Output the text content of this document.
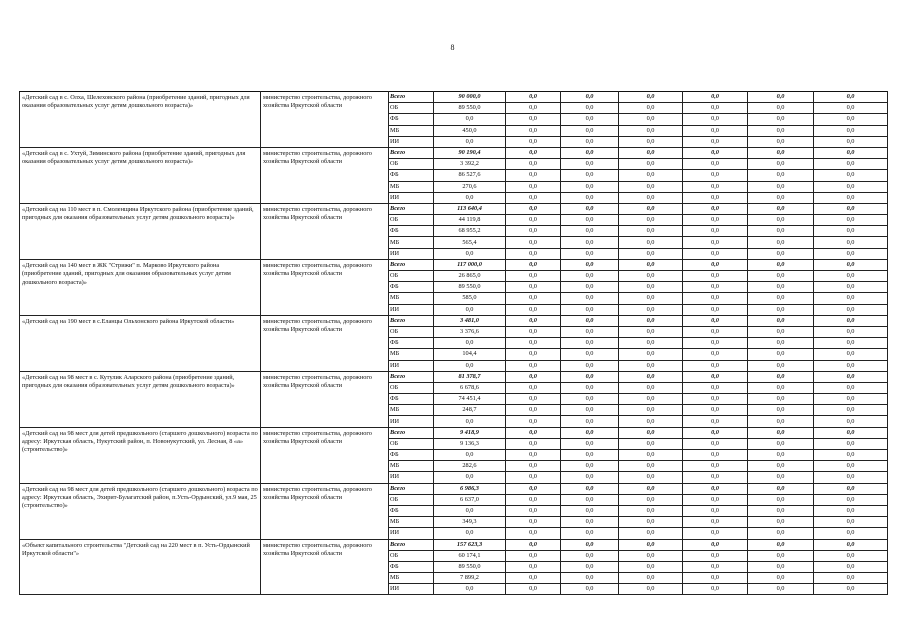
8
«Детский сад в с. Олха, Шелеховского района (приобретение зданий, пригодных для оказания образовательных услуг детям дошкольного возраста)»	министерство строительства, дорожного хозяйства Иркутской области	Всего	90 000,0	0,0	0,0	0,0	0,0	0,0	0,0
		ОБ	89 550,0	0,0	0,0	0,0	0,0	0,0	0,0
		ФБ	0,0	0,0	0,0	0,0	0,0	0,0	0,0
		МБ	450,0	0,0	0,0	0,0	0,0	0,0	0,0
		ИИ	0,0	0,0	0,0	0,0	0,0	0,0	0,0
«Детский сад в с. Ухтуй, Зиминского района (приобретение зданий, пригодных для оказания образовательных услуг детям дошкольного возраста)»	министерство строительства, дорожного хозяйства Иркутской области	Всего	90 190,4	0,0	0,0	0,0	0,0	0,0	0,0
		ОБ	3 392,2	0,0	0,0	0,0	0,0	0,0	0,0
		ФБ	86 527,6	0,0	0,0	0,0	0,0	0,0	0,0
		МБ	270,6	0,0	0,0	0,0	0,0	0,0	0,0
		ИИ	0,0	0,0	0,0	0,0	0,0	0,0	0,0
«Детский сад на 110 мест в п. Смоленщина Иркутского района (приобретение зданий, пригодных для оказания образовательных услуг детям дошкольного возраста)»	министерство строительства, дорожного хозяйства Иркутской области	Всего	113 640,4	0,0	0,0	0,0	0,0	0,0	0,0
		ОБ	44 119,8	0,0	0,0	0,0	0,0	0,0	0,0
		ФБ	68 955,2	0,0	0,0	0,0	0,0	0,0	0,0
		МБ	565,4	0,0	0,0	0,0	0,0	0,0	0,0
		ИИ	0,0	0,0	0,0	0,0	0,0	0,0	0,0
«Детский сад на 140 мест в ЖК "Стрижи" п. Марково Иркутского района (приобретение зданий, пригодных для оказания образовательных услуг детям дошкольного возраста)»	министерство строительства, дорожного хозяйства Иркутской области	Всего	117 000,0	0,0	0,0	0,0	0,0	0,0	0,0
		ОБ	26 865,0	0,0	0,0	0,0	0,0	0,0	0,0
		ФБ	89 550,0	0,0	0,0	0,0	0,0	0,0	0,0
		МБ	585,0	0,0	0,0	0,0	0,0	0,0	0,0
		ИИ	0,0	0,0	0,0	0,0	0,0	0,0	0,0
«Детский сад на 190 мест в с.Еланцы Ольхонского района Иркутской области»	министерство строительства, дорожного хозяйства Иркутской области	Всего	3 481,0	0,0	0,0	0,0	0,0	0,0	0,0
		ОБ	3 376,6	0,0	0,0	0,0	0,0	0,0	0,0
		ФБ	0,0	0,0	0,0	0,0	0,0	0,0	0,0
		МБ	104,4	0,0	0,0	0,0	0,0	0,0	0,0
		ИИ	0,0	0,0	0,0	0,0	0,0	0,0	0,0
«Детский сад на 98 мест в с. Кутулик Аларского района (приобретение зданий, пригодных для оказания образовательных услуг детям дошкольного возраста)»	министерство строительства, дорожного хозяйства Иркутской области	Всего	81 378,7	0,0	0,0	0,0	0,0	0,0	0,0
		ОБ	6 678,6	0,0	0,0	0,0	0,0	0,0	0,0
		ФБ	74 451,4	0,0	0,0	0,0	0,0	0,0	0,0
		МБ	248,7	0,0	0,0	0,0	0,0	0,0	0,0
		ИИ	0,0	0,0	0,0	0,0	0,0	0,0	0,0
«Детский сад на 98 мест для детей предшкольного (старшего дошкольного) возраста по адресу: Иркутская область, Нукутский район, п. Новонукутский, ул. Лесная, 8 «а» (строительство)»	министерство строительства, дорожного хозяйства Иркутской области	Всего	9 418,9	0,0	0,0	0,0	0,0	0,0	0,0
		ОБ	9 136,3	0,0	0,0	0,0	0,0	0,0	0,0
		ФБ	0,0	0,0	0,0	0,0	0,0	0,0	0,0
		МБ	282,6	0,0	0,0	0,0	0,0	0,0	0,0
		ИИ	0,0	0,0	0,0	0,0	0,0	0,0	0,0
«Детский сад на 98 мест для детей предшкольного (старшего дошкольного) возраста по адресу: Иркутская область, Эхирит-Булагатский район, п.Усть-Ордынский, ул.9 мая, 25 (строительство)»	министерство строительства, дорожного хозяйства Иркутской области	Всего	6 986,3	0,0	0,0	0,0	0,0	0,0	0,0
		ОБ	6 637,0	0,0	0,0	0,0	0,0	0,0	0,0
		ФБ	0,0	0,0	0,0	0,0	0,0	0,0	0,0
		МБ	349,3	0,0	0,0	0,0	0,0	0,0	0,0
		ИИ	0,0	0,0	0,0	0,0	0,0	0,0	0,0
«Объект капитального строительства "Детский сад на 220 мест в п. Усть-Ордынский Иркутской области"»	министерство строительства, дорожного хозяйства Иркутской области	Всего	157 623,3	0,0	0,0	0,0	0,0	0,0	0,0
		ОБ	60 174,1	0,0	0,0	0,0	0,0	0,0	0,0
		ФБ	89 550,0	0,0	0,0	0,0	0,0	0,0	0,0
		МБ	7 899,2	0,0	0,0	0,0	0,0	0,0	0,0
		ИИ	0,0	0,0	0,0	0,0	0,0	0,0	0,0
